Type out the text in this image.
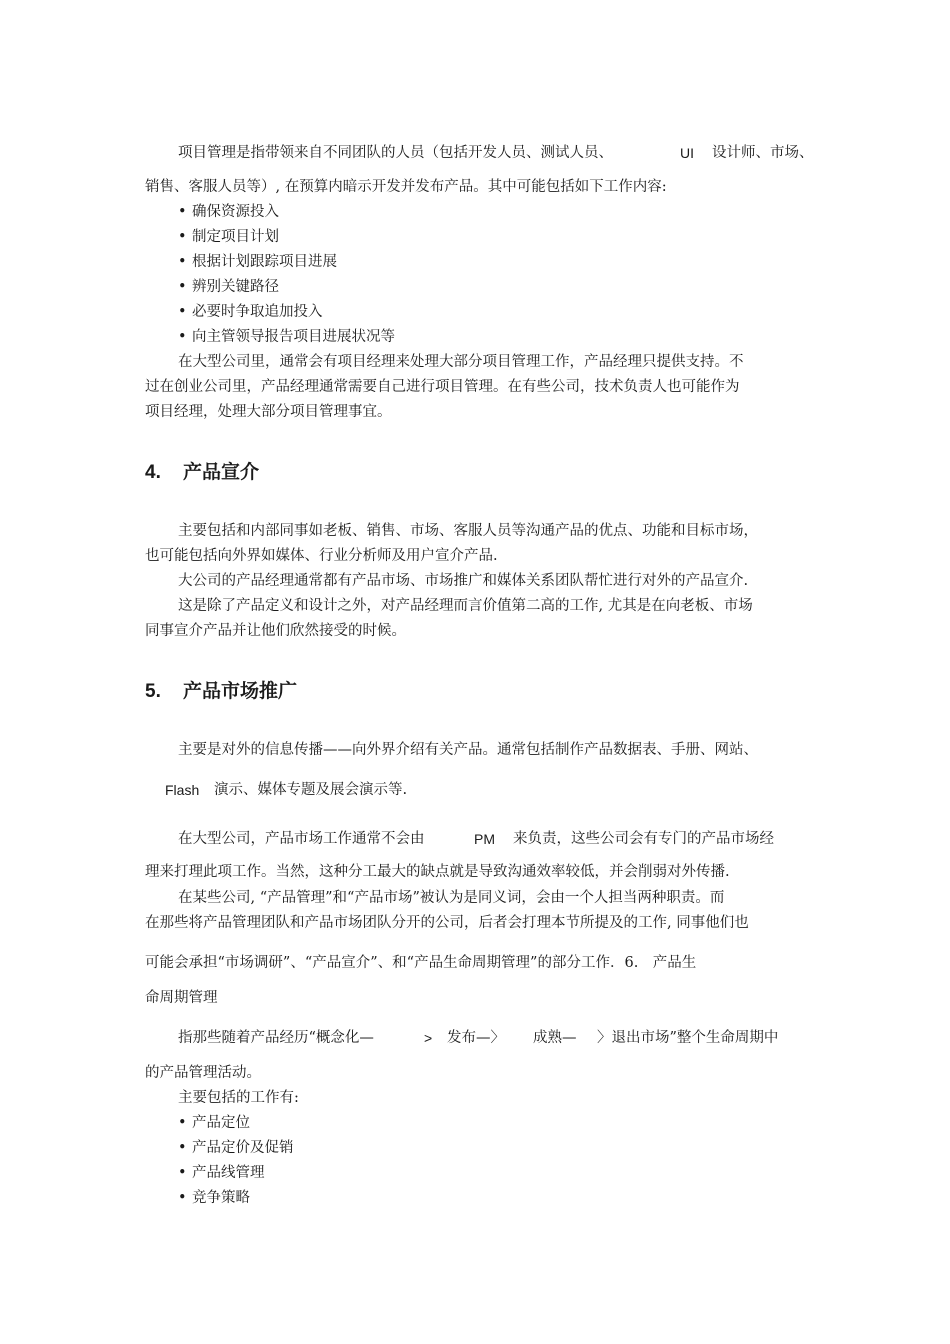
项目管理是指带领来自不同团队的人员（包括开发人员、测试人员、	UI 设计师、市场、
销售、客服人员等）, 在预算内暗示开发并发布产品。其中可能包括如下工作内容:
• 确保资源投入
• 制定项目计划
• 根据计划跟踪项目进展
• 辨别关键路径
• 必要时争取追加投入
• 向主管领导报告项目进展状况等
在大型公司里，通常会有项目经理来处理大部分项目管理工作，产品经理只提供支持。不
过在创业公司里，产品经理通常需要自己进行项目管理。在有些公司，技术负责人也可能作为
项目经理，处理大部分项目管理事宜。
4. 产品宣介
主要包括和内部同事如老板、销售、市场、客服人员等沟通产品的优点、功能和目标市场，
也可能包括向外界如媒体、行业分析师及用户宣介产品.
大公司的产品经理通常都有产品市场、市场推广和媒体关系团队帮忙进行对外的产品宣介.
这是除了产品定义和设计之外，对产品经理而言价值第二高的工作, 尤其是在向老板、市场
同事宣介产品并让他们欣然接受的时候。
5. 产品市场推广
主要是对外的信息传播——向外界介绍有关产品。通常包括制作产品数据表、手册、网站、
Flash 演示、媒体专题及展会演示等.
在大型公司，产品市场工作通常不会由	PM 来负责，这些公司会有专门的产品市场经
理来打理此项工作。当然，这种分工最大的缺点就是导致沟通效率较低，并会削弱对外传播.
在某些公司, “产品管理”和“产品市场”被认为是同义词，会由一个人担当两种职责。而
在那些将产品管理团队和产品市场团队分开的公司，后者会打理本节所提及的工作, 同事他们也
可能会承担“市场调研”、“产品宣介”、和“产品生命周期管理”的部分工作．6.　产品生
命周期管理
指那些随着产品经历“概念化—	> 发布—〉 成熟— 〉退出市场”整个生命周期中
的产品管理活动。
主要包括的工作有:
• 产品定位
• 产品定价及促销
• 产品线管理
• 竞争策略
